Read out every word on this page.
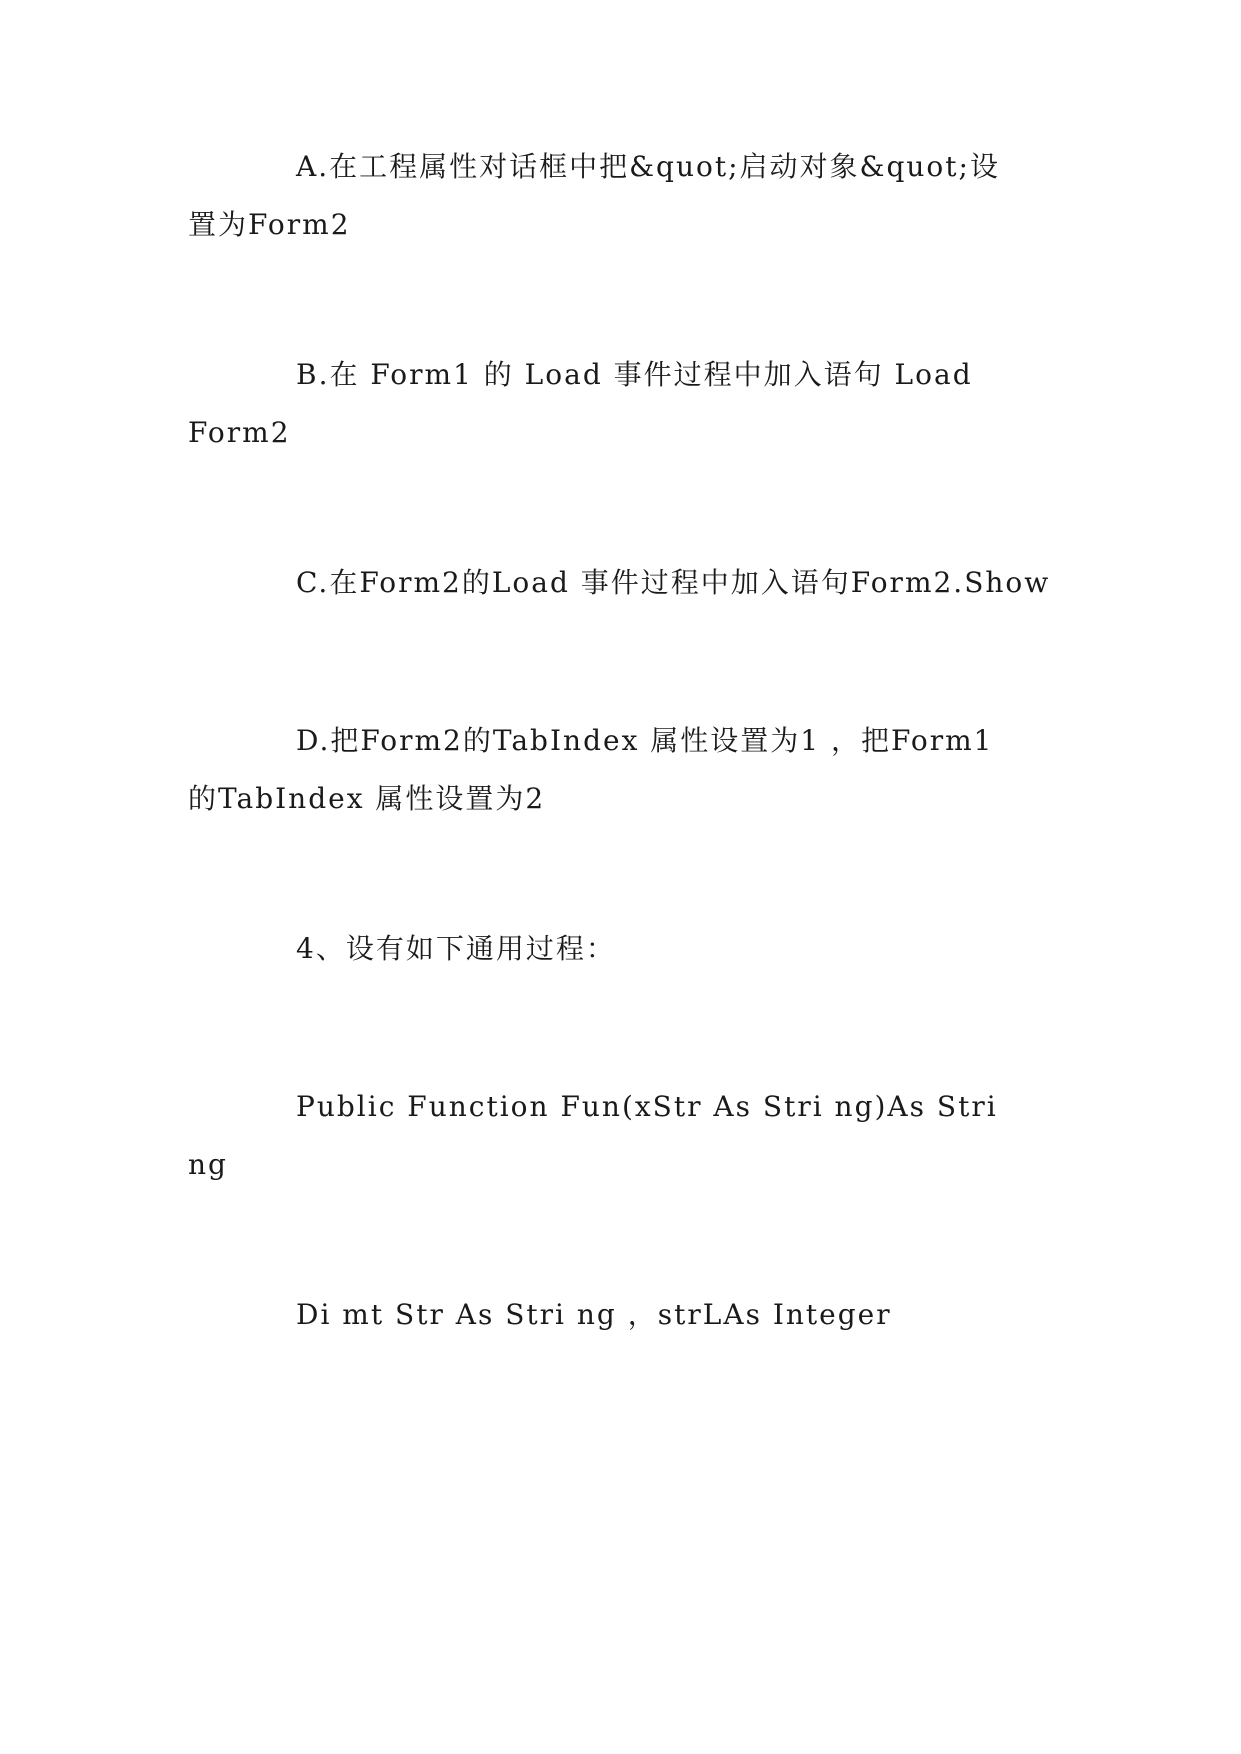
A.在工程属性对话框中把&quot;启动对象&quot;设
置为Form2
B.在 Form1 的 Load 事件过程中加入语句 Load
Form2
C.在Form2的Load 事件过程中加入语句Form2.Show
D.把Form2的TabIndex 属性设置为1 ，把Form1
的TabIndex 属性设置为2
4、设有如下通用过程：
Public Function Fun(xStr As Stri ng)As Stri
ng
Di mt Str As Stri ng ，strLAs Integer
